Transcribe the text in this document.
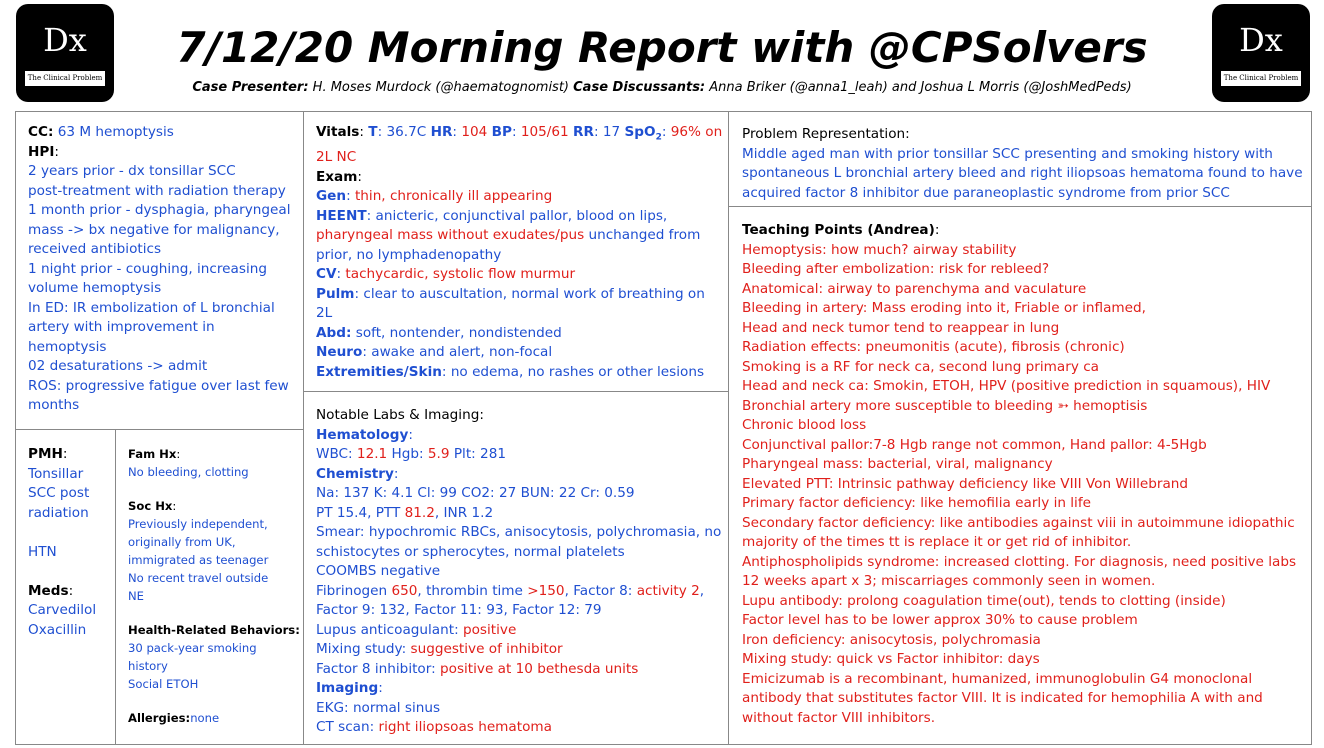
Dx
The Clinical Problem Solvers
Dx
The Clinical Problem Solvers
7/12/20 Morning Report with @CPSolvers
Case Presenter: H. Moses Murdock (@haematognomist) Case Discussants: Anna Briker (@anna1_leah) and Joshua L Morris (@JoshMedPeds)
CC: 63 M hemoptysis
HPI:
2 years prior - dx tonsillar SCC
post-treatment with radiation therapy
1 month prior - dysphagia, pharyngeal
mass -> bx negative for malignancy,
received antibiotics
1 night prior - coughing, increasing
volume hemoptysis
In ED: IR embolization of L bronchial
artery with improvement in
hemoptysis
02 desaturations -> admit
ROS: progressive fatigue over last few
months
PMH:
Tonsillar
SCC post
radiation
HTN
Meds:
Carvedilol
Oxacillin
Fam Hx:
No bleeding, clotting
Soc Hx:
Previously independent,
originally from UK,
immigrated as teenager
No recent travel outside
NE
Health-Related Behaviors:
30 pack-year smoking
history
Social ETOH
Allergies:none
Vitals: T: 36.7C HR: 104 BP: 105/61 RR: 17 SpO$_2$: 96% on
2L NC
Exam:
Gen: thin, chronically ill appearing
HEENT: anicteric, conjunctival pallor, blood on lips,
pharyngeal mass without exudates/pus unchanged from
prior, no lymphadenopathy
CV: tachycardic, systolic flow murmur
Pulm: clear to auscultation, normal work of breathing on
2L
Abd: soft, nontender, nondistended
Neuro: awake and alert, non-focal
Extremities/Skin: no edema, no rashes or other lesions
Notable Labs & Imaging:
Hematology:
WBC: 12.1 Hgb: 5.9 Plt: 281
Chemistry:
Na: 137 K: 4.1 Cl: 99 CO2: 27 BUN: 22 Cr: 0.59
PT 15.4, PTT 81.2, INR 1.2
Smear: hypochromic RBCs, anisocytosis, polychromasia, no
schistocytes or spherocytes, normal platelets
COOMBS negative
Fibrinogen 650, thrombin time >150, Factor 8: activity 2,
Factor 9: 132, Factor 11: 93, Factor 12: 79
Lupus anticoagulant: positive
Mixing study: suggestive of inhibitor
Factor 8 inhibitor: positive at 10 bethesda units
Imaging:
EKG: normal sinus
CT scan: right iliopsoas hematoma
Problem Representation:
Middle aged man with prior tonsillar SCC presenting and smoking history with
spontaneous L bronchial artery bleed and right iliopsoas hematoma found to have
acquired factor 8 inhibitor due paraneoplastic syndrome from prior SCC
Teaching Points (Andrea):
Hemoptysis: how much? airway stability
Bleeding after embolization: risk for rebleed?
Anatomical: airway to parenchyma and vaculature
Bleeding in artery: Mass eroding into it, Friable or inflamed,
Head and neck tumor tend to reappear in lung
Radiation effects: pneumonitis (acute), fibrosis (chronic)
Smoking is a RF for neck ca, second lung primary ca
Head and neck ca: Smokin, ETOH, HPV (positive prediction in squamous), HIV
Bronchial artery more susceptible to bleeding ➳ hemoptisis
Chronic blood loss
Conjunctival pallor:7-8 Hgb range not common, Hand pallor: 4-5Hgb
Pharyngeal mass: bacterial, viral, malignancy
Elevated PTT: Intrinsic pathway deficiency like VIII Von Willebrand
Primary factor deficiency: like hemofilia early in life
Secondary factor deficiency: like antibodies against viii in autoimmune idiopathic
majority of the times tt is replace it or get rid of inhibitor.
Antiphospholipids syndrome: increased clotting. For diagnosis, need positive labs
12 weeks apart x 3; miscarriages commonly seen in women.
Lupu antibody: prolong coagulation time(out), tends to clotting (inside)
Factor level has to be lower approx 30% to cause problem
Iron deficiency: anisocytosis, polychromasia
Mixing study: quick vs Factor inhibitor: days
Emicizumab is a recombinant, humanized, immunoglobulin G4 monoclonal
antibody that substitutes factor VIII. It is indicated for hemophilia A with and
without factor VIII inhibitors.
